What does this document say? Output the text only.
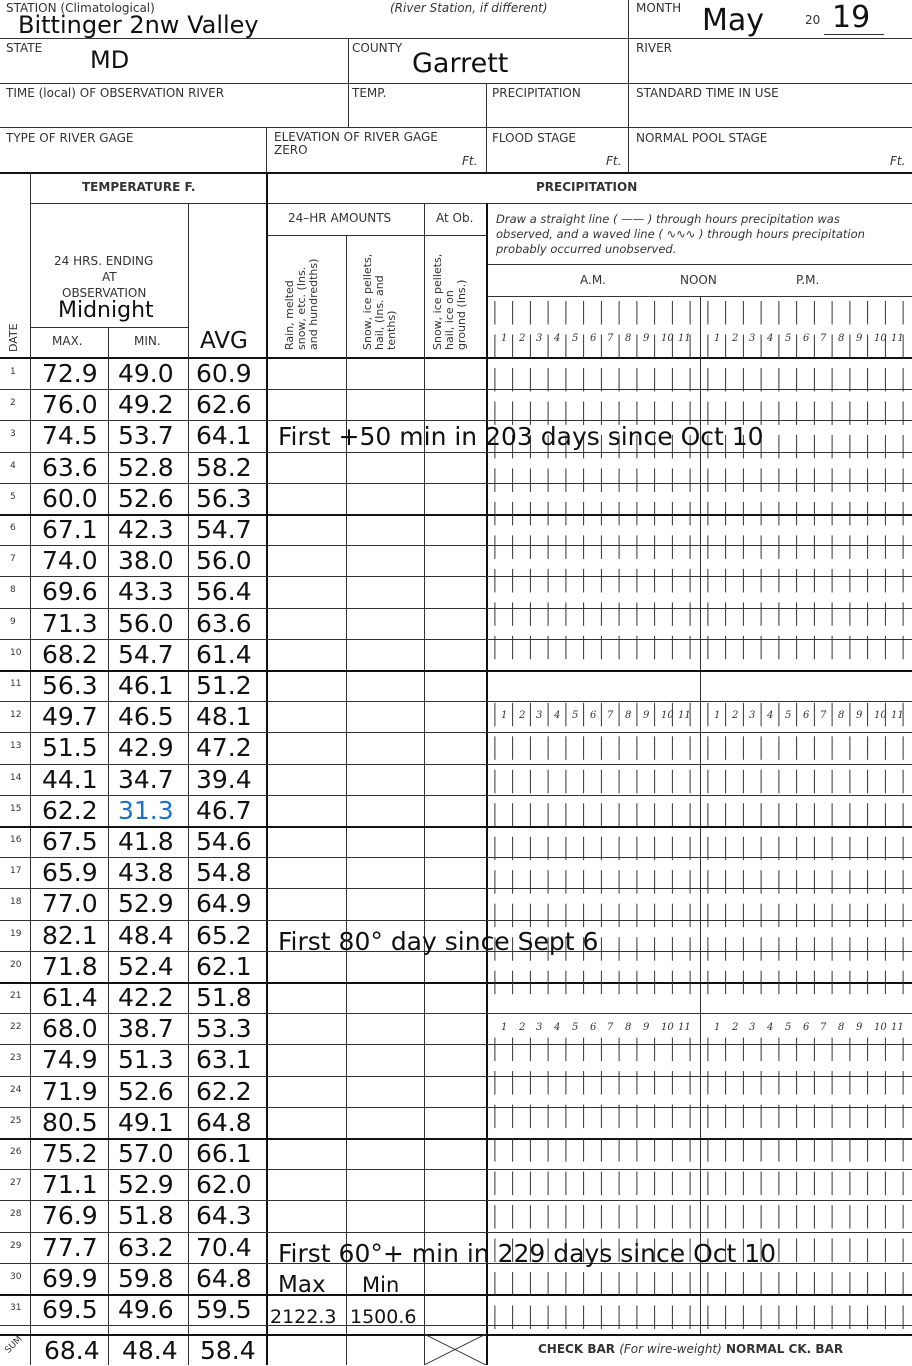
STATION (Climatological)
Bittinger 2nw Valley
(River Station, if different)	MONTH May	20 19
STATE MD	COUNTY Garrett	RIVER
TIME (local) OF OBSERVATION RIVER	TEMP.	PRECIPITATION	STANDARD TIME IN USE
TYPE OF RIVER GAGE	ELEVATION OF RIVER GAGE ZERO
Ft.
FLOOD STAGE
Ft.
NORMAL POOL STAGE
Ft.
TEMPERATURE F.	PRECIPITATION
24–HR AMOUNTS	At Ob.
24 HRS. ENDING
AT
OBSERVATION
Midnight
MAX.	MIN. AVG
DATE	Rain, melted snow, etc. (Ins. and hundredths)	Snow, ice pellets, hail, (Ins. and tenths)	Snow, ice pellets, hail, ice on ground (Ins.)
Draw a straight line ( —— ) through hours precipitation was
observed, and a waved line ( ∿∿∿ ) through hours precipitation
probably occurred unobserved.
A.M.	NOON	P.M.
1 2 3 4 5 6 7 8 9 10 11 1 2 3 4 5 6 7 8 9 10 11
1 72.9 49.0 60.9
2 76.0 49.2 62.6
3 74.5 53.7 64.1
4 63.6 52.8 58.2
5 60.0 52.6 56.3
6 67.1 42.3 54.7
7 74.0 38.0 56.0
8 69.6 43.3 56.4
9 71.3 56.0 63.6
10 68.2 54.7 61.4
11 56.3 46.1 51.2
12 49.7 46.5 48.1
13 51.5 42.9 47.2
14 44.1 34.7 39.4
15 62.2 31.3 46.7
16 67.5 41.8 54.6
17 65.9 43.8 54.8
18 77.0 52.9 64.9
19 82.1 48.4 65.2
20 71.8 52.4 62.1
21 61.4 42.2 51.8
22 68.0 38.7 53.3
23 74.9 51.3 63.1
24 71.9 52.6 62.2
25 80.5 49.1 64.8
26 75.2 57.0 66.1
27 71.1 52.9 62.0
28 76.9 51.8 64.3
29 77.7 63.2 70.4
30 69.9 59.8 64.8
31 69.5 49.6 59.5
1 2 3 4 5 6 7 8 9 10 11 1 2 3 4 5 6 7 8 9 10 11
1 2 3 4 5 6 7 8 9 10 11 1 2 3 4 5 6 7 8 9 10 11
SUM 68.4 48.4 58.4	CHECK BAR (For wire-weight) NORMAL CK. BAR
First +50 min in 203 days since Oct 10
First 80° day since Sept 6
First 60°+ min in 229 days since Oct 10
Max Min
2122.3 1500.6
